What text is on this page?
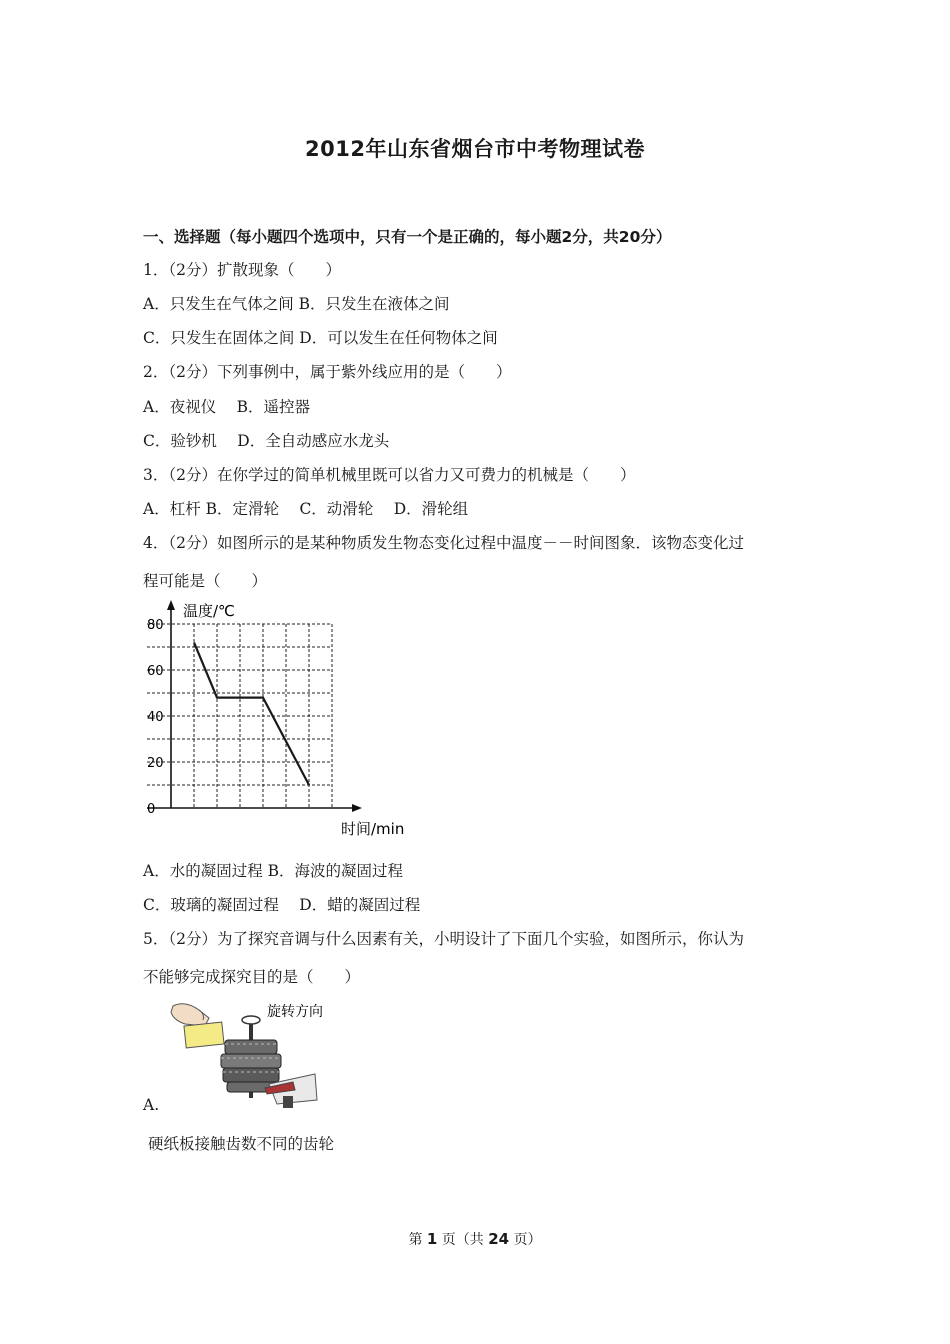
2012年山东省烟台市中考物理试卷
一、选择题（每小题四个选项中，只有一个是正确的，每小题2分，共20分）
1．（2分）扩散现象（　　）
A．只发生在气体之间 B．只发生在液体之间
C．只发生在固体之间 D．可以发生在任何物体之间
2．（2分）下列事例中，属于紫外线应用的是（　　）
A．夜视仪　 B．遥控器
C．验钞机　 D．全自动感应水龙头
3．（2分）在你学过的简单机械里既可以省力又可费力的机械是（　　）
A．杠杆 B．定滑轮　 C．动滑轮　 D．滑轮组
4．（2分）如图所示的是某种物质发生物态变化过程中温度－－时间图象．该物态变化过
程可能是（　　）
0
20
40
60
80
温度/℃
时间/min
A．水的凝固过程 B．海波的凝固过程
C．玻璃的凝固过程　 D．蜡的凝固过程
5．（2分）为了探究音调与什么因素有关，小明设计了下面几个实验，如图所示，你认为
不能够完成探究目的是（　　）
旋转方向
A.
硬纸板接触齿数不同的齿轮
第 1 页（共 24 页）
